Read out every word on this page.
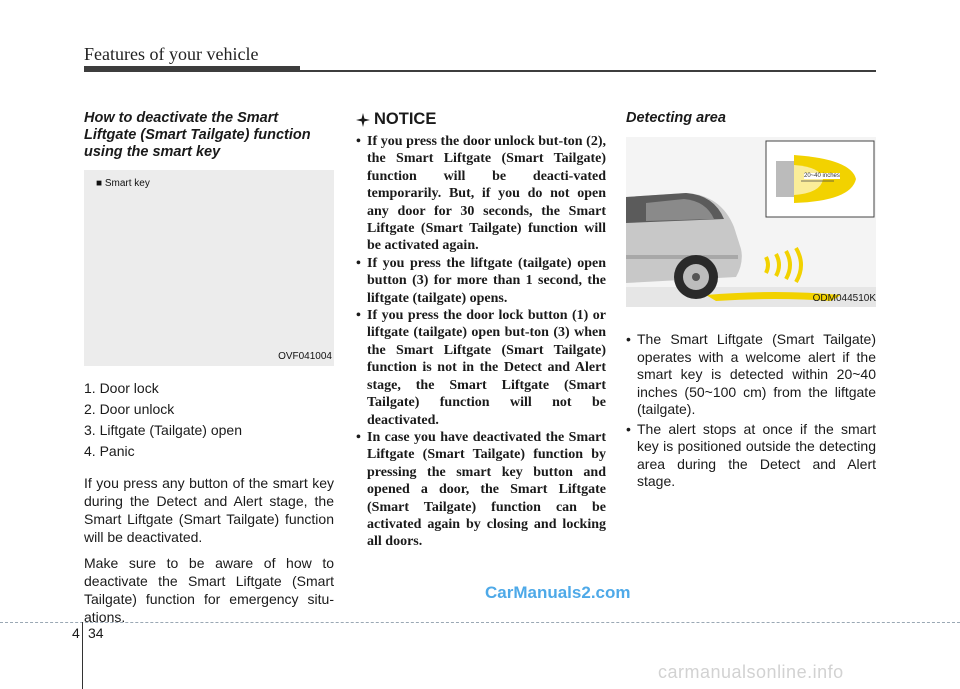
Features of your vehicle
How to deactivate the Smart Liftgate (Smart Tailgate) function using the smart key
■ Smart key
OVF041004
1. Door lock
2. Door unlock
3. Liftgate (Tailgate) open
4. Panic

If you press any button of the smart key during the Detect and Alert stage, the Smart Liftgate (Smart Tailgate) function will be deactivated.

Make sure to be aware of how to deactivate the Smart Liftgate (Smart Tailgate) function for emergency situ-ations.

NOTICE
• If you press the door unlock but-ton (2), the Smart Liftgate (Smart Tailgate) function will be deacti-vated temporarily. But, if you do not open any door for 30 seconds, the Smart Liftgate (Smart Tailgate) function will be activated again.
• If you press the liftgate (tailgate) open button (3) for more than 1 second, the liftgate (tailgate) opens.
• If you press the door lock button (1) or liftgate (tailgate) open but-ton (3) when the Smart Liftgate (Smart Tailgate) function is not in the Detect and Alert stage, the Smart Liftgate (Smart Tailgate) function will not be deactivated.
• In case you have deactivated the Smart Liftgate (Smart Tailgate) function by pressing the smart key button and opened a door, the Smart Liftgate (Smart Tailgate) function can be activated again by closing and locking all doors.
Detecting area
20~40 inches
ODM044510K
• The Smart Liftgate (Smart Tailgate) operates with a welcome alert if the smart key is detected within 20~40 inches (50~100 cm) from the liftgate (tailgate).
• The alert stops at once if the smart key is positioned outside the detecting area during the Detect and Alert stage.
CarManuals2.com
4 34
carmanualsonline.info
